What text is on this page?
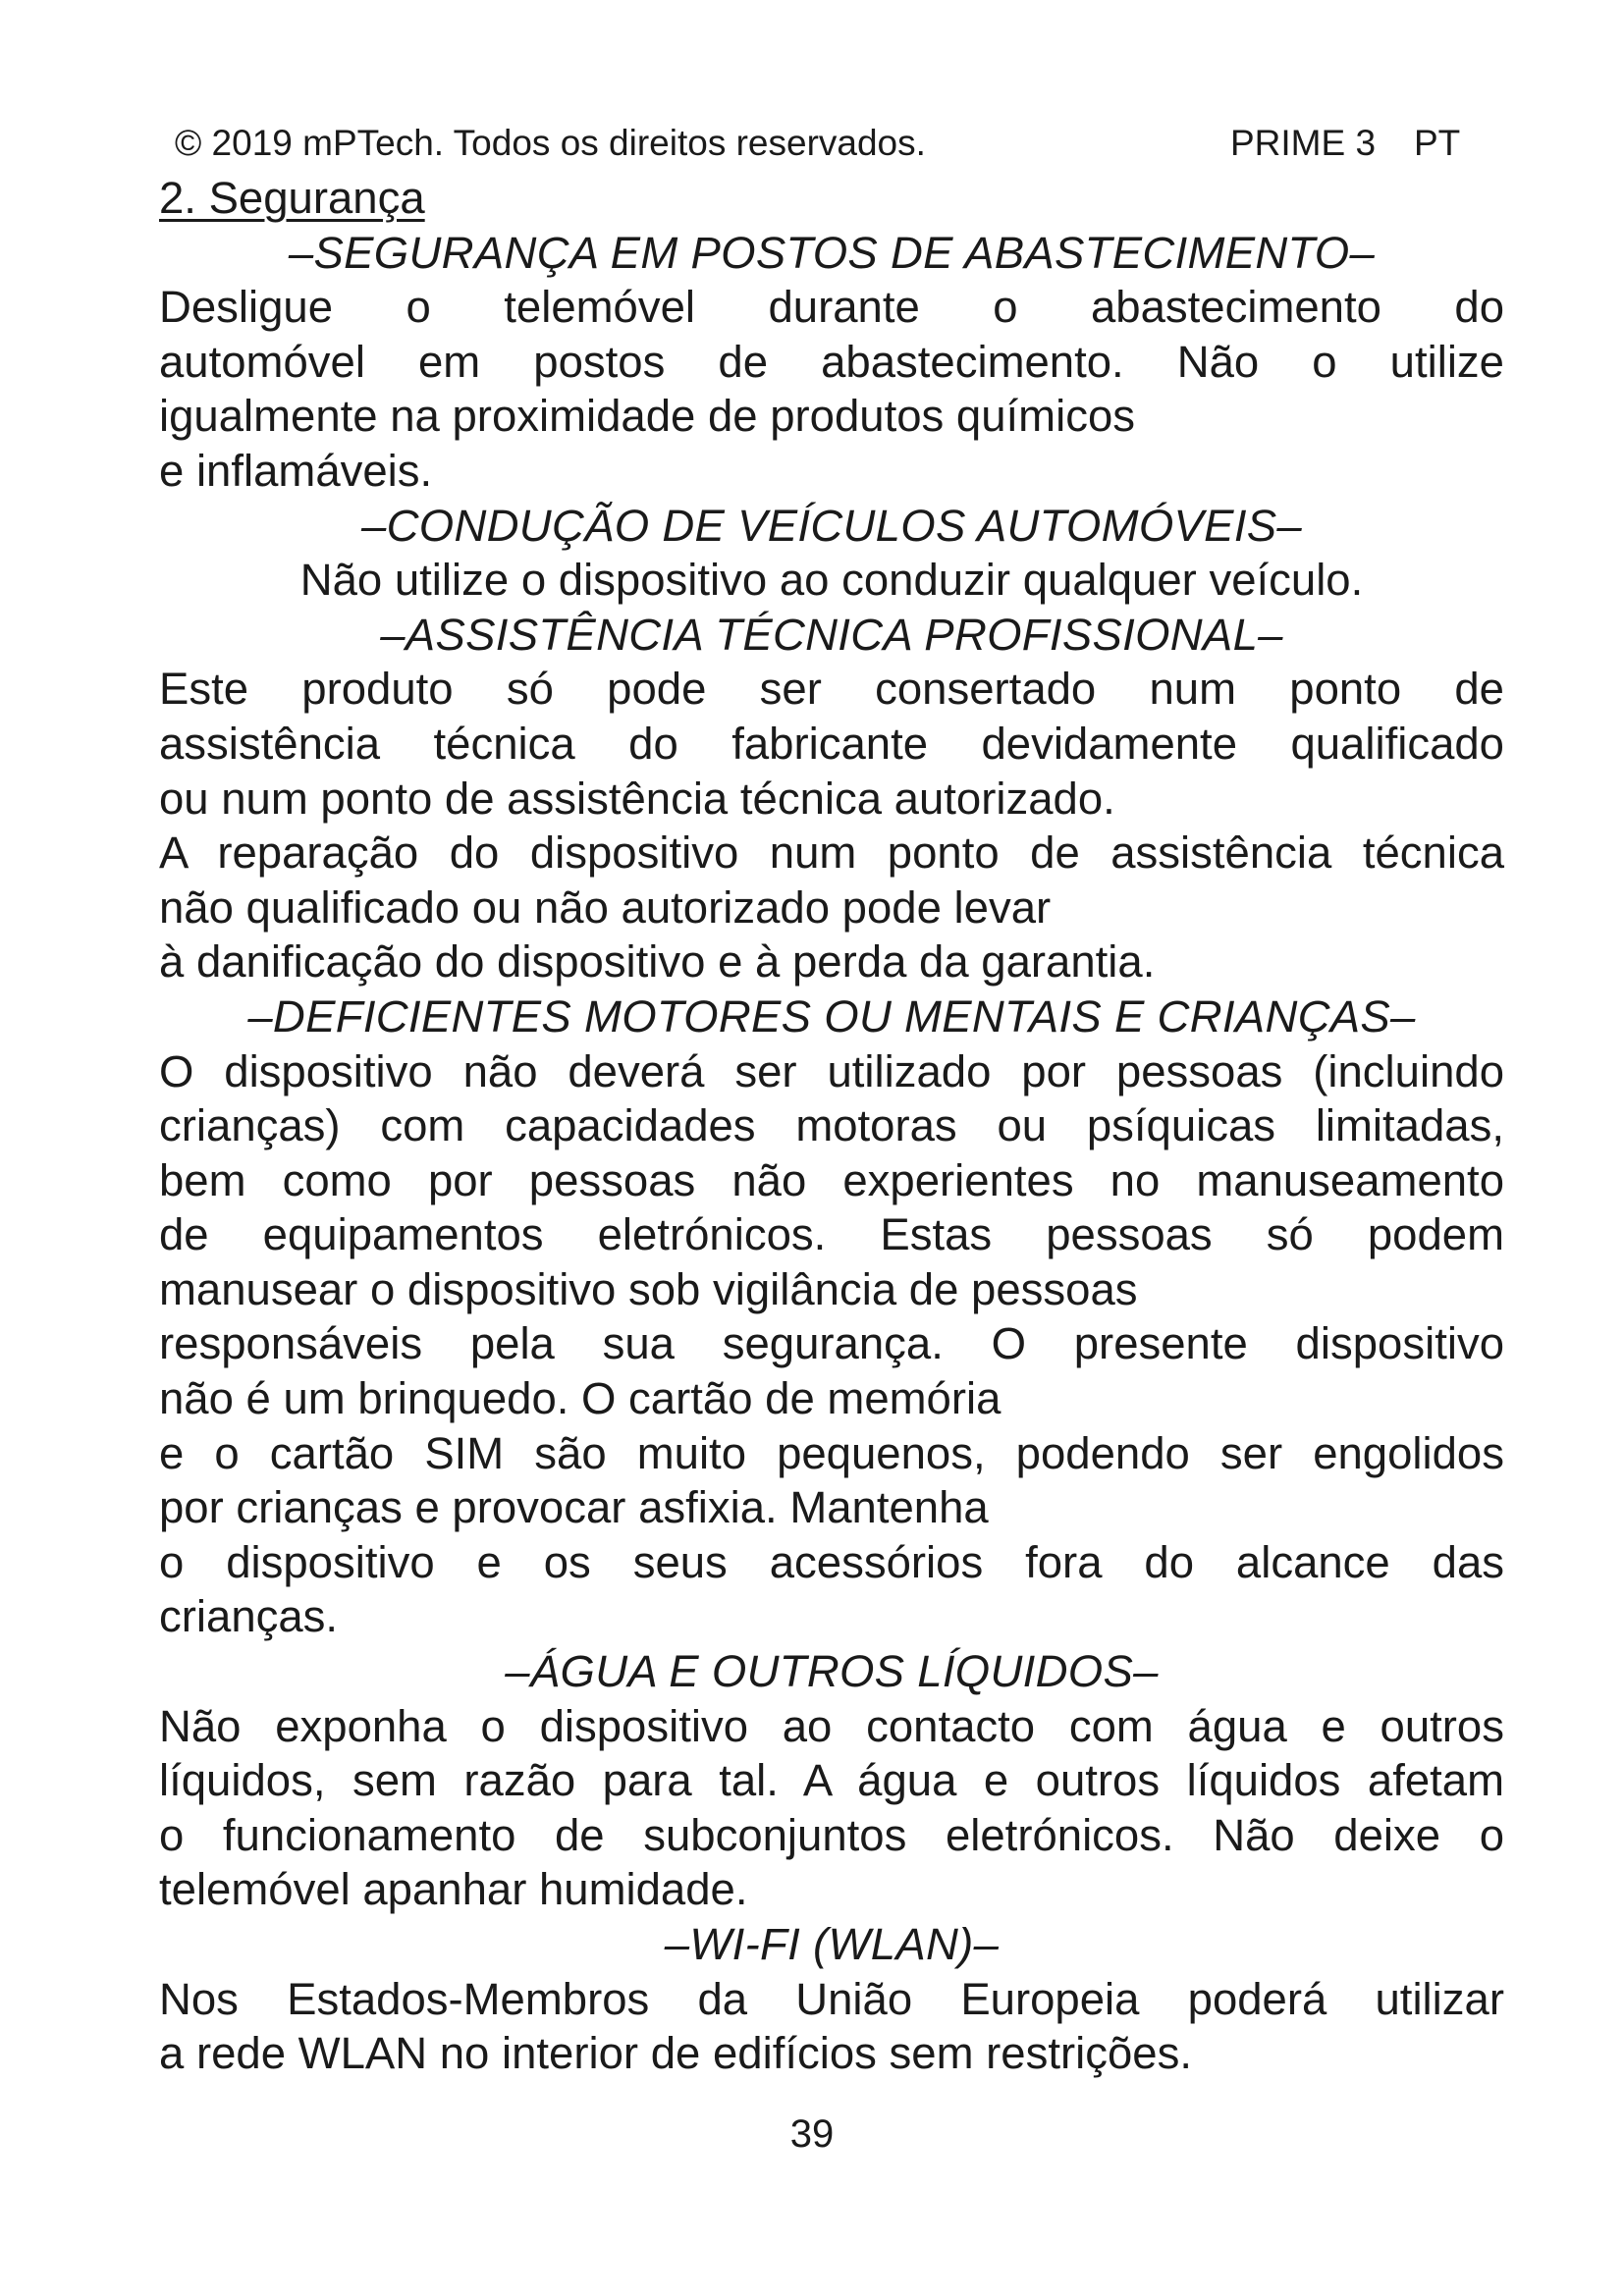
© 2019 mPTech. Todos os direitos reservados.	PRIME 3 PT
2. Segurança
–SEGURANÇA EM POSTOS DE ABASTECIMENTO–
Desligue o telemóvel durante o abastecimento do
automóvel em postos de abastecimento. Não o utilize
igualmente na proximidade de produtos químicos
e inflamáveis.
–CONDUÇÃO DE VEÍCULOS AUTOMÓVEIS–
Não utilize o dispositivo ao conduzir qualquer veículo.
–ASSISTÊNCIA TÉCNICA PROFISSIONAL–
Este produto só pode ser consertado num ponto de
assistência técnica do fabricante devidamente qualificado
ou num ponto de assistência técnica autorizado.
A reparação do dispositivo num ponto de assistência técnica
não qualificado ou não autorizado pode levar
à danificação do dispositivo e à perda da garantia.
–DEFICIENTES MOTORES OU MENTAIS E CRIANÇAS–
O dispositivo não deverá ser utilizado por pessoas (incluindo
crianças) com capacidades motoras ou psíquicas limitadas,
bem como por pessoas não experientes no manuseamento
de equipamentos eletrónicos. Estas pessoas só podem
manusear o dispositivo sob vigilância de pessoas
responsáveis pela sua segurança. O presente dispositivo
não é um brinquedo. O cartão de memória
e o cartão SIM são muito pequenos, podendo ser engolidos
por crianças e provocar asfixia. Mantenha
o dispositivo e os seus acessórios fora do alcance das
crianças.
–ÁGUA E OUTROS LÍQUIDOS–
Não exponha o dispositivo ao contacto com água e outros
líquidos, sem razão para tal. A água e outros líquidos afetam
o funcionamento de subconjuntos eletrónicos. Não deixe o
telemóvel apanhar humidade.
–WI-FI (WLAN)–
Nos Estados-Membros da União Europeia poderá utilizar
a rede WLAN no interior de edifícios sem restrições.
39
